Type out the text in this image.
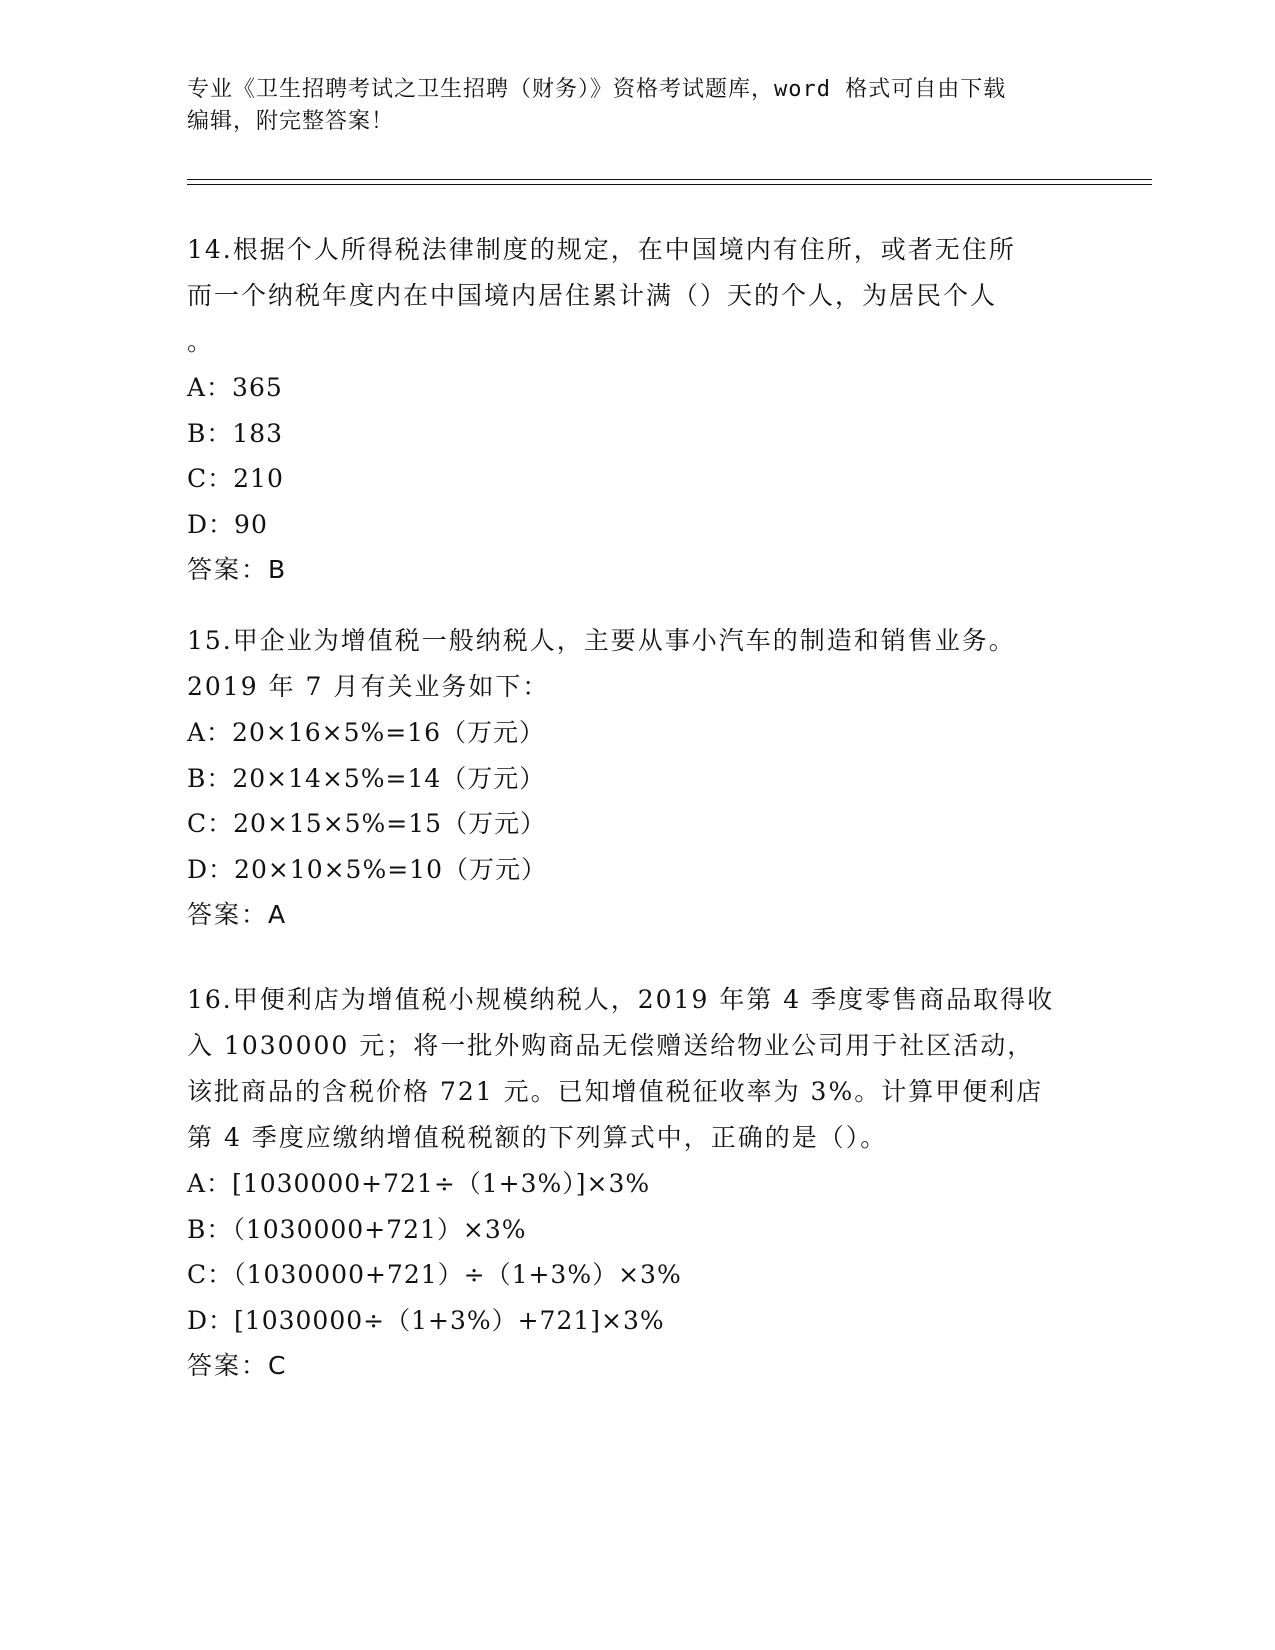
专业《卫生招聘考试之卫生招聘（财务）》资格考试题库，word 格式可自由下载
编辑，附完整答案！
14.根据个人所得税法律制度的规定，在中国境内有住所，或者无住所
而一个纳税年度内在中国境内居住累计满（）天的个人，为居民个人
。
A：365
B：183
C：210
D：90
答案：B
15.甲企业为增值税一般纳税人，主要从事小汽车的制造和销售业务。
2019 年 7 月有关业务如下：
A：20×16×5%=16（万元）
B：20×14×5%=14（万元）
C：20×15×5%=15（万元）
D：20×10×5%=10（万元）
答案：A
16.甲便利店为增值税小规模纳税人，2019 年第 4 季度零售商品取得收
入 1030000 元；将一批外购商品无偿赠送给物业公司用于社区活动，
该批商品的含税价格 721 元。已知增值税征收率为 3%。计算甲便利店
第 4 季度应缴纳增值税税额的下列算式中，正确的是（）。
A：[1030000+721÷（1+3%）]×3%
B：（1030000+721）×3%
C：（1030000+721）÷（1+3%）×3%
D：[1030000÷（1+3%）+721]×3%
答案：C
